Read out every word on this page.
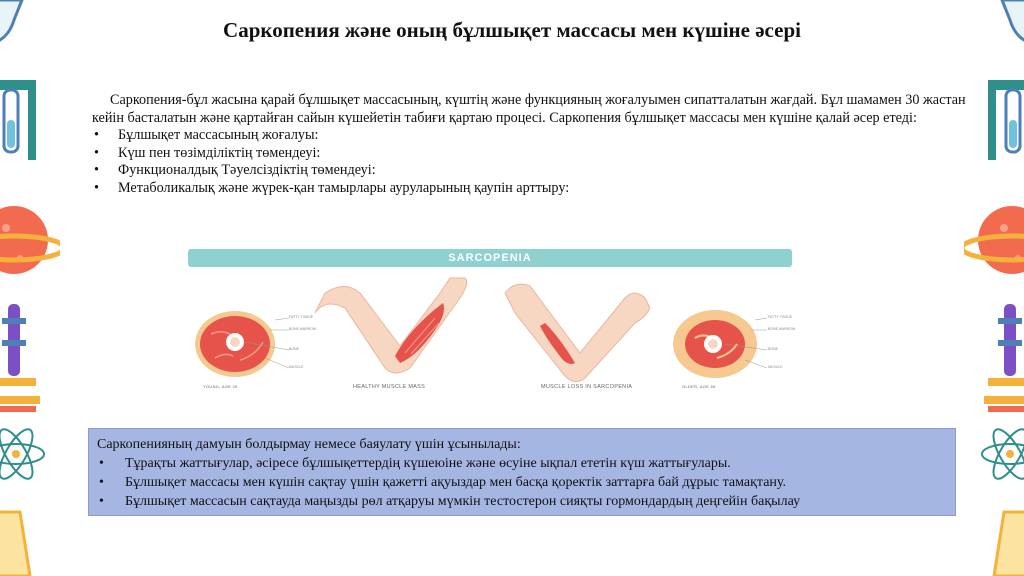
Саркопения және оның бұлшықет массасы мен күшіне әсері

Саркопения-бұл жасына қарай бұлшықет массасының, күштің және функцияның жоғалуымен сипатталатын жағдай. Бұл шамамен 30 жастан кейін басталатын және қартайған сайын күшейетін табиғи қартаю процесі. Саркопения бұлшықет массасы мен күшіне қалай әсер етеді:

• Бұлшықет массасының жоғалуы:
• Күш пен төзімділіктің төмендеуі:
• Функционалдық Тәуелсіздіктің төмендеуі:
• Метаболикалық және жүрек-қан тамырлары ауруларының қаупін арттыру:
SARCOPENIA
FATTY TISSUE
BONE MARROW
BONE
MUSCLE
FATTY TISSUE
BONE MARROW
BONE
MUSCLE
YOUNG, AGE 25	HEALTHY MUSCLE MASS	MUSCLE LOSS IN SARCOPENIA	OLDER, AGE 65

Саркопенияның дамуын болдырмау немесе баяулату үшін ұсынылады:

• Тұрақты жаттығулар, әсіресе бұлшықеттердің күшеюіне және өсуіне ықпал ететін күш жаттығулары.
• Бұлшықет массасы мен күшін сақтау үшін қажетті ақуыздар мен басқа қоректік заттарға бай дұрыс тамақтану.
• Бұлшықет массасын сақтауда маңызды рөл атқаруы мүмкін тестостерон сияқты гормондардың деңгейін бақылау
